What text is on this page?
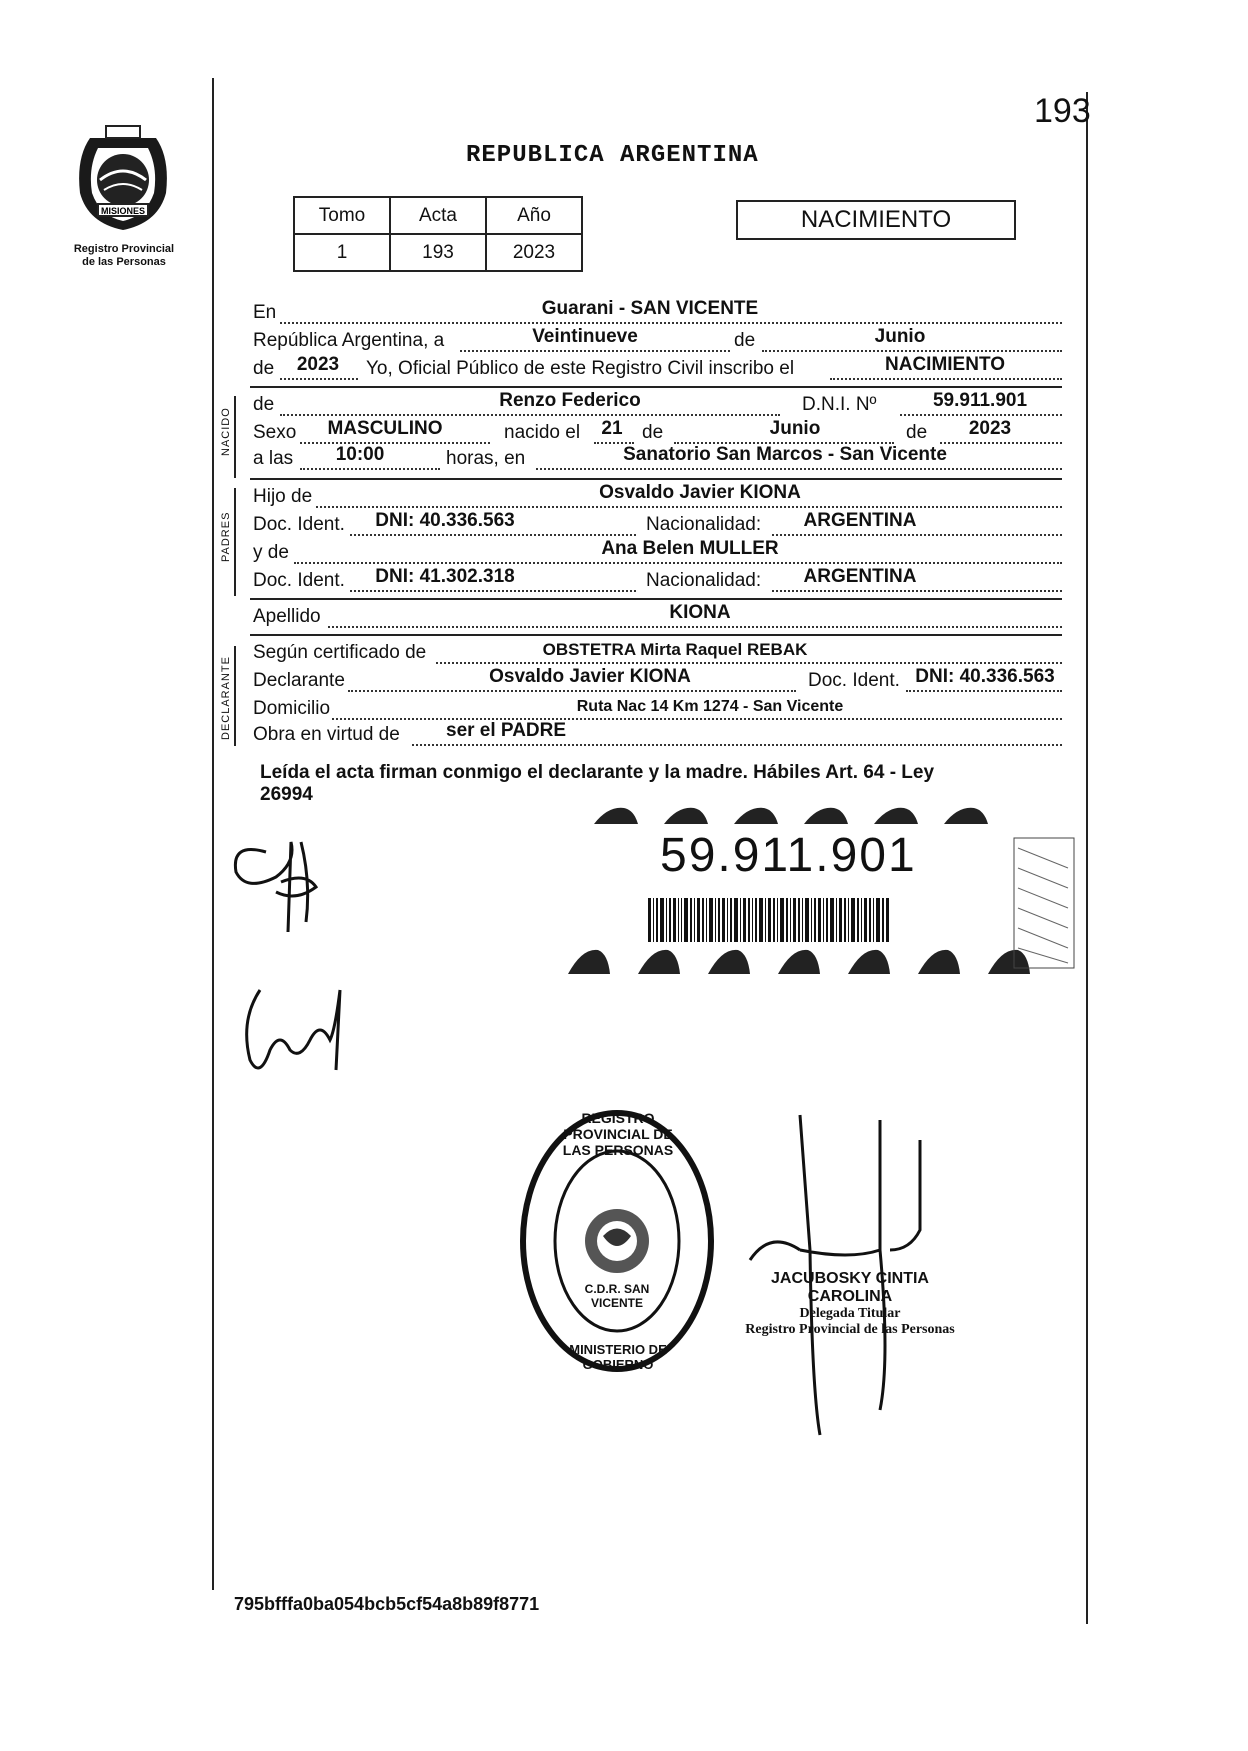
193
MISIONES
Registro Provincial
de las Personas
REPUBLICA ARGENTINA
Tomo	Acta	Año
1	193	2023
NACIMIENTO
En	Guarani - SAN VICENTE
República Argentina, a	Veintinueve	de	Junio
de	2023	Yo, Oficial Público de este Registro Civil inscribo el	NACIMIENTO
NACIDO
de	Renzo Federico	D.N.I. Nº	59.911.901
Sexo	MASCULINO	nacido el	21	de	Junio	de	2023
a las	10:00	horas, en	Sanatorio San Marcos - San Vicente
PADRES
Hijo de	Osvaldo Javier KIONA
Doc. Ident.	DNI: 40.336.563	Nacionalidad:	ARGENTINA
y de	Ana Belen MULLER
Doc. Ident.	DNI: 41.302.318	Nacionalidad:	ARGENTINA
Apellido	KIONA
DECLARANTE
Según certificado de	OBSTETRA Mirta Raquel REBAK
Declarante	Osvaldo Javier KIONA	Doc. Ident. DNI: 40.336.563
Domicilio	Ruta Nac 14 Km 1274 - San Vicente
Obra en virtud de ser el PADRE
Leída el acta firman conmigo el declarante y la madre. Hábiles Art. 64 - Ley
26994
59.911.901
REGISTRO PROVINCIAL DE LAS PERSONAS
C.D.R. SAN VICENTE
MINISTERIO DE GOBIERNO
JACUBOSKY CINTIA CAROLINA
Delegada Titular
Registro Provincial de las Personas
795bfffa0ba054bcb5cf54a8b89f8771
